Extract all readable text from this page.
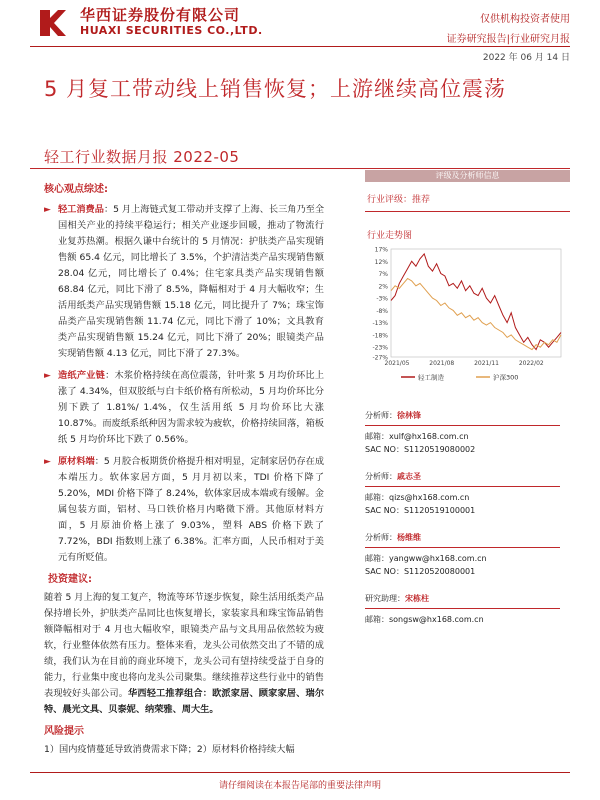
华西证券股份有限公司
HUAXI SECURITIES CO.,LTD.
仅供机构投资者使用
证券研究报告|行业研究月报
2022 年 06 月 14 日
5 月复工带动线上销售恢复；上游继续高位震荡
轻工行业数据月报 2022-05
核心观点综述:
► 轻工消费品：5 月上海链式复工带动并支撑了上海、长三角乃至全国相关产业的持续平稳运行；相关产业逐步回暖，推动了物流行业复苏热潮。根据久谦中台统计的 5 月情况：护肤类产品实现销售额 65.4 亿元，同比增长了 3.5%，个护清洁类产品实现销售额 28.04 亿元，同比增长了 0.4%；住宅家具类产品实现销售额 68.84 亿元，同比下滑了 8.5%，降幅相对于 4 月大幅收窄；生活用纸类产品实现销售额 15.18 亿元，同比提升了 7%；珠宝饰品类产品实现销售额 11.74 亿元，同比下滑了 10%；文具教育类产品实现销售额 15.24 亿元，同比下滑了 20%；眼镜类产品实现销售额 4.13 亿元，同比下滑了 27.3%。
► 造纸产业链：木浆价格持续在高位震荡，针叶浆 5 月均价环比上涨了 4.34%，但双胶纸与白卡纸价格有所松动，5 月均价环比分别下跌了 1.81%/ 1.4%，仅生活用纸 5 月均价环比大涨 10.87%。而废纸系纸种因为需求较为疲软，价格持续回落，箱板纸 5 月均价环比下跌了 0.56%。
► 原材料端：5 月胶合板期货价格提升相对明显，定制家居仍存在成本端压力。软体家居方面，5 月月初以来，TDI 价格下降了 5.20%，MDI 价格下降了 8.24%，软体家居成本端或有缓解。金属包装方面，铝材、马口铁价格月内略微下滑。其他原材料方面，5 月原油价格上涨了 9.03%，塑料 ABS 价格下跌了 7.72%，BDI 指数则上涨了 6.38%。汇率方面，人民币相对于美元有所贬值。
投资建议:
随着 5 月上海的复工复产，物流等环节逐步恢复，除生活用纸类产品保持增长外，护肤类产品同比也恢复增长，家装家具和珠宝饰品销售额降幅相对于 4 月也大幅收窄，眼镜类产品与文具用品依然较为疲软，行业整体依然有压力。整体来看，龙头公司依然交出了不错的成绩，我们认为在目前的商业环境下，龙头公司有望持续受益于自身的能力，行业集中度也将向龙头公司聚集。继续推荐这些行业中的销售表现较好头部公司。华西轻工推荐组合：欧派家居、顾家家居、瑞尔特、晨光文具、贝泰妮、纳荣雅、周大生。
风险提示
1）国内疫情蔓延导致消费需求下降；2）原材料价格持续大幅
评级及分析师信息
行业评级：推荐
行业走势图
17%
12%
7%
2%
-3%
-8%
-13%
-18%
-23%
-27%
2021/05	2021/08	2021/11	2022/02
轻工制造	沪深300
分析师：徐林锋
邮箱：xulf@hx168.com.cn
SAC NO：S1120519080002
分析师：戚志圣
邮箱：qizs@hx168.com.cn
SAC NO：S1120519100001
分析师：杨维维
邮箱：yangww@hx168.com.cn
SAC NO：S1120520080001
研究助理：宋栋柱
邮箱：songsw@hx168.com.cn
请仔细阅读在本报告尾部的重要法律声明
